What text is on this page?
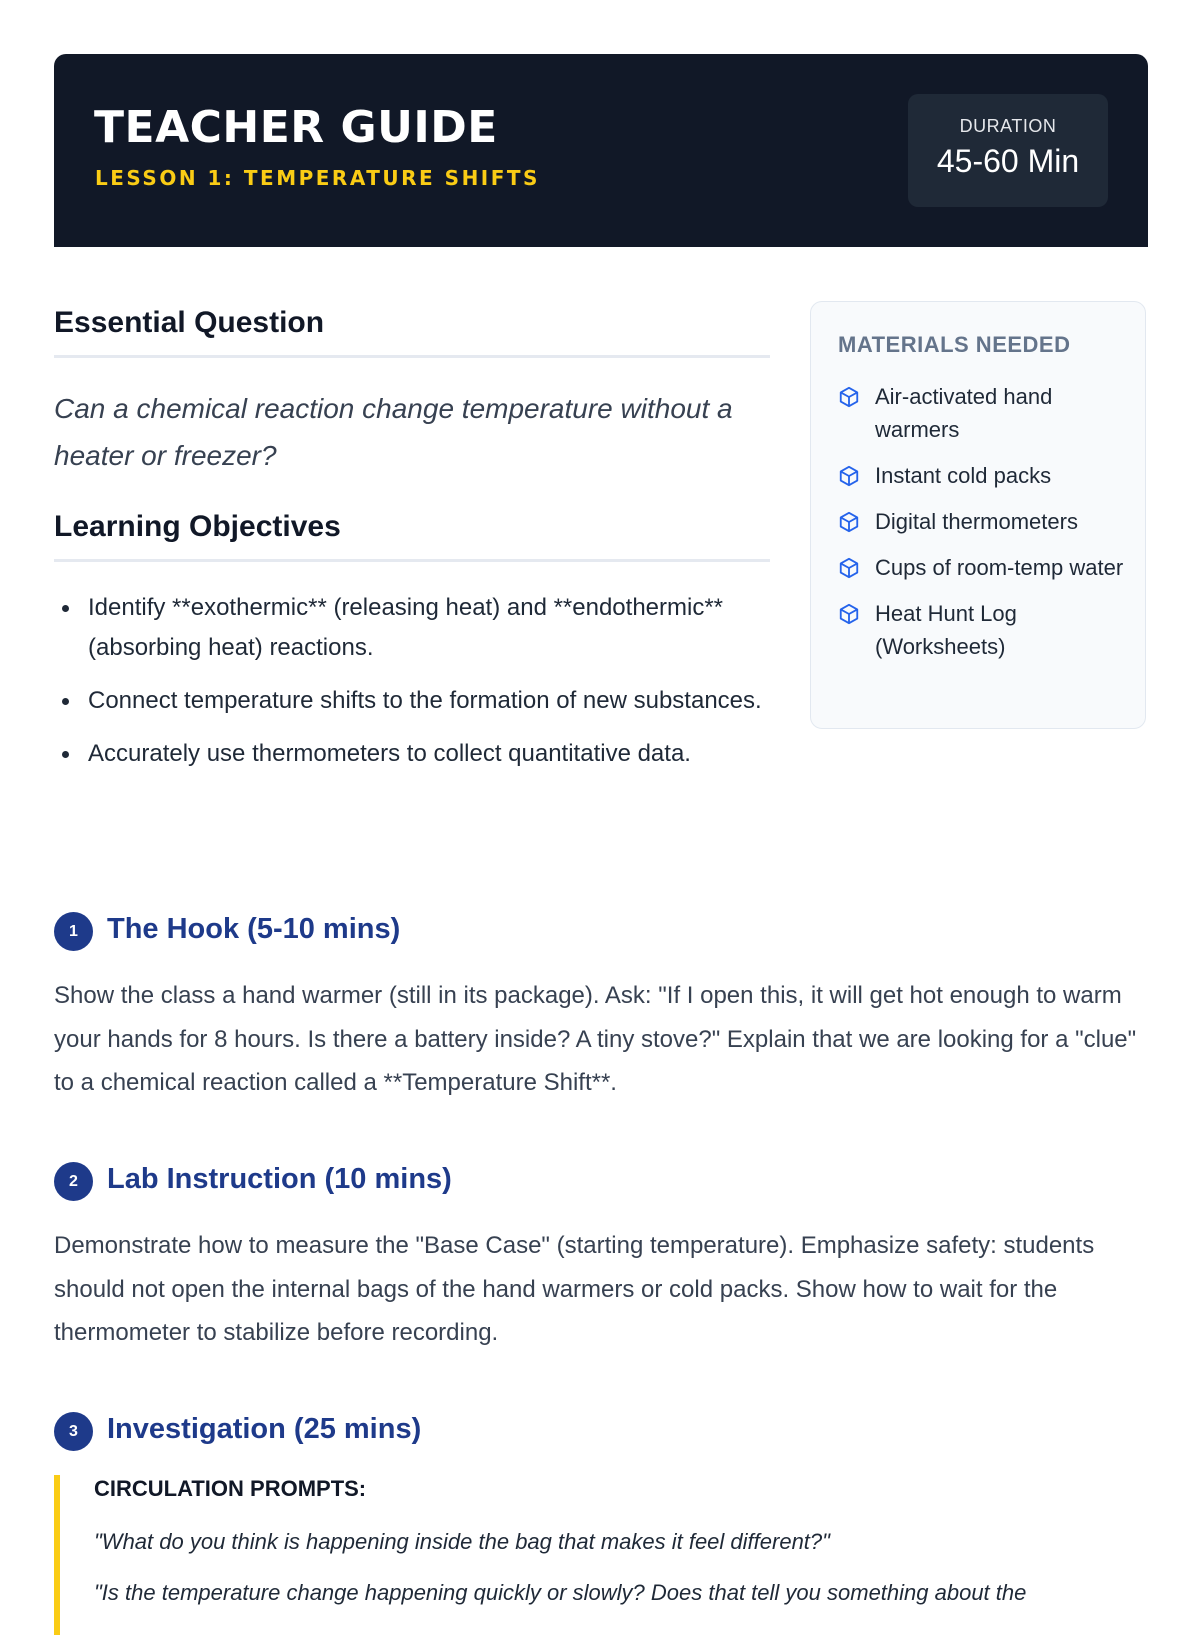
TEACHER GUIDE
LESSON 1: TEMPERATURE SHIFTS
DURATION
45-60 Min
Essential Question
Can a chemical reaction change temperature without a heater or freezer?
Learning Objectives
Identify **exothermic** (releasing heat) and **endothermic** (absorbing heat) reactions.
Connect temperature shifts to the formation of new substances.
Accurately use thermometers to collect quantitative data.
MATERIALS NEEDED
Air-activated hand warmers
Instant cold packs
Digital thermometers
Cups of room-temp water
Heat Hunt Log (Worksheets)
1	The Hook (5-10 mins)
Show the class a hand warmer (still in its package). Ask: "If I open this, it will get hot enough to warm your hands for 8 hours. Is there a battery inside? A tiny stove?" Explain that we are looking for a "clue" to a chemical reaction called a **Temperature Shift**.
2	Lab Instruction (10 mins)
Demonstrate how to measure the "Base Case" (starting temperature). Emphasize safety: students should not open the internal bags of the hand warmers or cold packs. Show how to wait for the thermometer to stabilize before recording.
3	Investigation (25 mins)
CIRCULATION PROMPTS:
"What do you think is happening inside the bag that makes it feel different?"
"Is the temperature change happening quickly or slowly? Does that tell you something about the
